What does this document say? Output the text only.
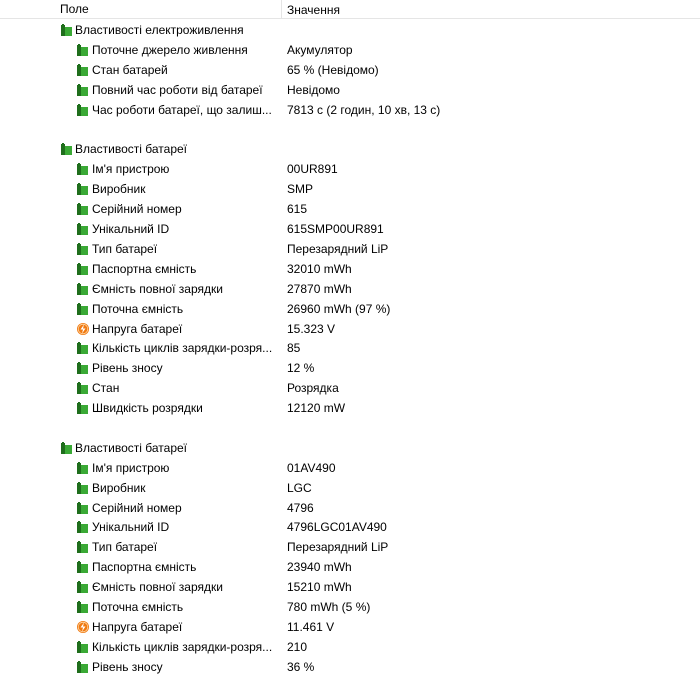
Поле	Значення
Властивості електроживлення
Поточне джерело живлення	Акумулятор
Стан батарей	65 % (Невідомо)
Повний час роботи від батареї	Невідомо
Час роботи батареї, що залиш...	7813 с (2 годин, 10 хв, 13 с)
Властивості батареї
Ім'я пристрою	00UR891
Виробник	SMP
Серійний номер	615
Унікальний ID	615SMP00UR891
Тип батареї	Перезарядний LiP
Паспортна ємність	32010 mWh
Ємність повної зарядки	27870 mWh
Поточна ємність	26960 mWh (97 %)
Напруга батареї	15.323 V
Кількість циклів зарядки-розря...	85
Рівень зносу	12 %
Стан	Розрядка
Швидкість розрядки	12120 mW
Властивості батареї
Ім'я пристрою	01AV490
Виробник	LGC
Серійний номер	4796
Унікальний ID	4796LGC01AV490
Тип батареї	Перезарядний LiP
Паспортна ємність	23940 mWh
Ємність повної зарядки	15210 mWh
Поточна ємність	780 mWh (5 %)
Напруга батареї	11.461 V
Кількість циклів зарядки-розря...	210
Рівень зносу	36 %
